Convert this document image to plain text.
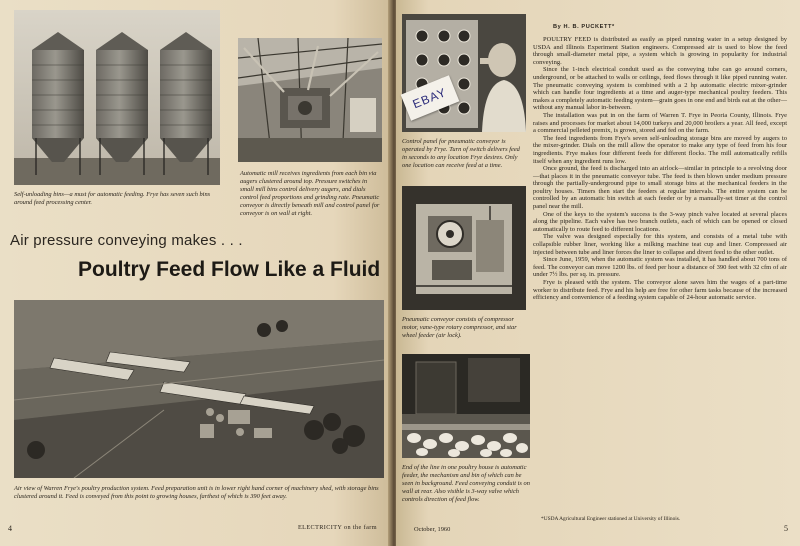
Self-unloading bins—a must for automatic feeding. Frye has seven such bins around feed processing center.
Automatic mill receives ingredients from each bin via augers clustered around top. Pressure switches in small mill bins control delivery augers, and dials control feed proportions and grinding rate. Pneumatic conveyor is directly beneath mill and control panel for conveyor is on wall at right.
Air pressure conveying makes . . .
Poultry Feed Flow Like a Fluid
Air view of Warren Frye's poultry production system. Feed preparation unit is in lower right hand corner of machinery shed, with storage bins clustered around it. Feed is conveyed from this point to growing houses, farthest of which is 390 feet away.
4	ELECTRICITY on the farm
EBAY
Control panel for pneumatic conveyor is operated by Frye. Turn of switch delivers feed in seconds to any location Frye desires. Only one location can receive feed at a time.
Pneumatic conveyor consists of compressor motor, vane-type rotary compressor, and star wheel feeder (air lock).
End of the line in one poultry house is automatic feeder, the mechanism and bin of which can be seen in background. Feed conveying conduit is on wall at rear. Also visible is 3-way valve which controls direction of feed flow.
October, 1960	5
By H. B. PUCKETT*

POULTRY FEED is distributed as easily as piped running water in a setup designed by USDA and Illinois Experiment Station engineers. Compressed air is used to blow the feed through small-diameter metal pipe, a system which is growing in popularity for industrial conveying.

Since the 1-inch electrical conduit used as the conveying tube can go around corners, underground, or be attached to walls or ceilings, feed flows through it like piped running water. The pneumatic conveying system is combined with a 2 hp automatic electric mixer-grinder which can handle four ingredients at a time and auger-type mechanical poultry feeders. This makes a completely automatic feeding system—grain goes in one end and birds eat at the other—without any manual labor in-between.

The installation was put in on the farm of Warren T. Frye in Peoria County, Illinois. Frye raises and processes for market about 14,000 turkeys and 20,000 broilers a year. All feed, except a commercial pelleted premix, is grown, stored and fed on the farm.

The feed ingredients from Frye's seven self-unloading storage bins are moved by augers to the mixer-grinder. Dials on the mill allow the operator to make any type of feed from his four ingredients. Frye makes four different feeds for different flocks. The mill automatically refills itself when any ingredient runs low.

Once ground, the feed is discharged into an airlock—similar in principle to a revolving door—that places it in the pneumatic conveyor tube. The feed is then blown under medium pressure through the partially-underground pipe to small storage bins at the mechanical feeders in the poultry houses. Timers then start the feeders at regular intervals. The entire system can be controlled by an automatic bin switch at each feeder or by a manually-set timer at the control panel near the mill.

One of the keys to the system's success is the 3-way pinch valve located at several places along the pipeline. Each valve has two branch outlets, each of which can be opened or closed automatically to route feed to different locations.

The valve was designed especially for this system, and consists of a metal tube with collapsible rubber liner, working like a milking machine teat cup and liner. Compressed air injected between tube and liner forces the liner to collapse and divert feed to the other outlet.

Since June, 1959, when the automatic system was installed, it has handled about 700 tons of feed. The conveyor can move 1200 lbs. of feed per hour a distance of 390 feet with 32 cfm of air under 7½ lbs. per sq. in. pressure.

Frye is pleased with the system. The conveyor alone saves him the wages of a part-time worker to distribute feed. Frye and his help are free for other farm tasks because of the increased efficiency and convenience of a feeding system capable of 24-hour automatic service.

*USDA Agricultural Engineer stationed at University of Illinois.
